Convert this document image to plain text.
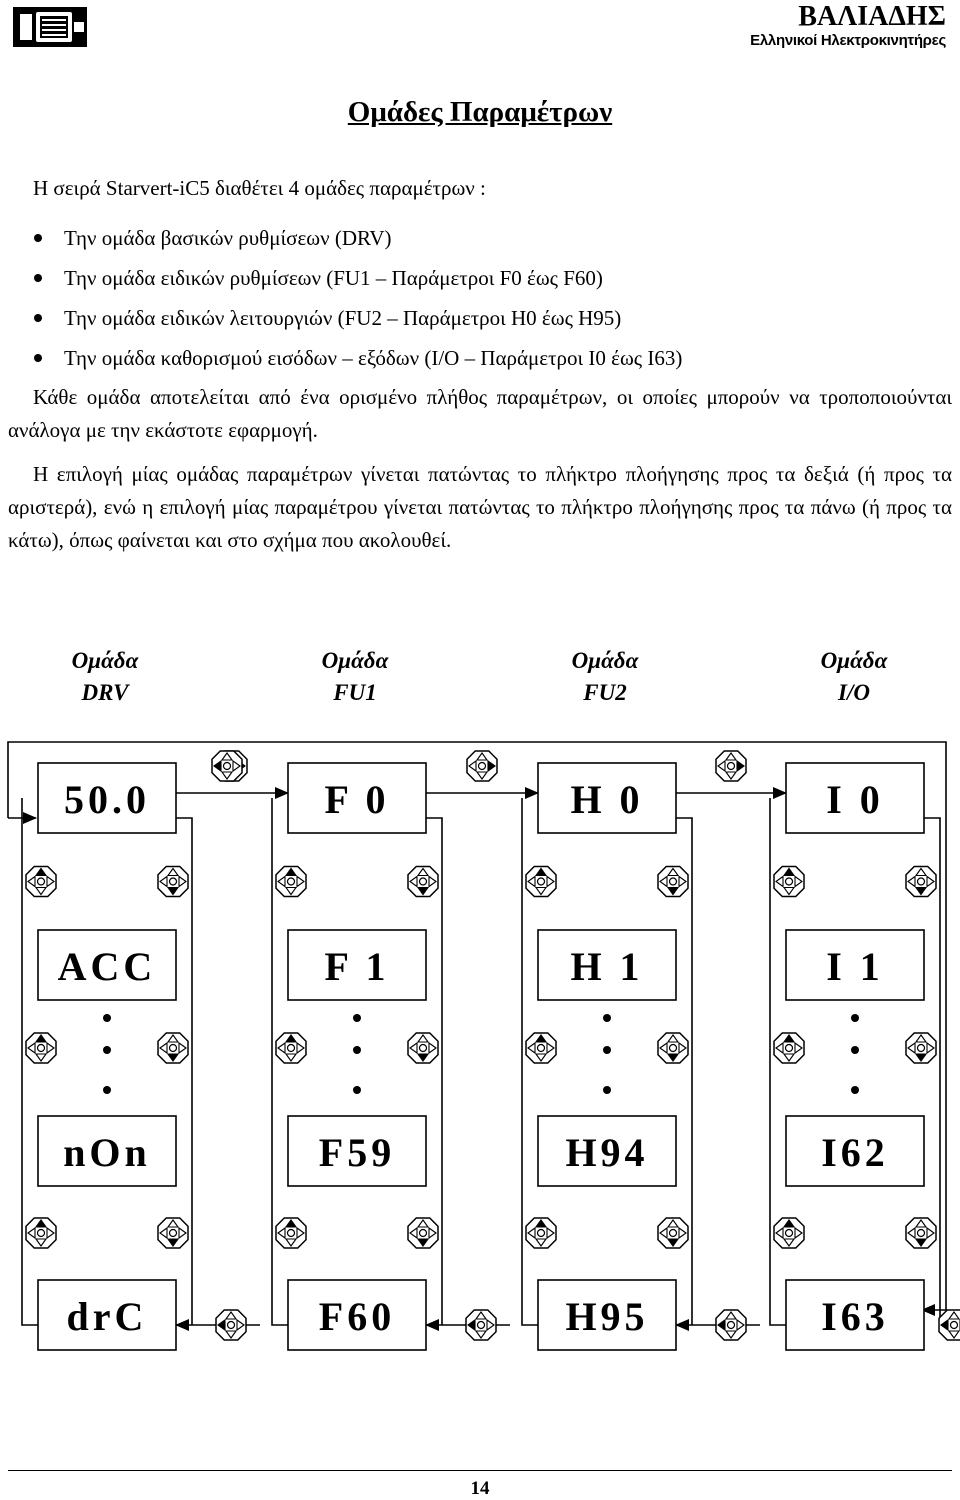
ΒΑΛΙΑΔΗΣ
Ελληνικοί Ηλεκτροκινητήρες
Ομάδες Παραμέτρων
Η σειρά Starvert-iC5 διαθέτει 4 ομάδες παραμέτρων :
Την ομάδα βασικών ρυθμίσεων (DRV)
Την ομάδα ειδικών ρυθμίσεων (FU1 – Παράμετροι F0 έως F60)
Την ομάδα ειδικών λειτουργιών (FU2 – Παράμετροι H0 έως H95)
Την ομάδα καθορισμού εισόδων – εξόδων (I/O – Παράμετροι I0 έως I63)

Κάθε ομάδα αποτελείται από ένα ορισμένο πλήθος παραμέτρων, οι οποίες μπορούν να τροποποιούνται ανάλογα με την εκάστοτε εφαρμογή.

Η επιλογή μίας ομάδας παραμέτρων γίνεται πατώντας το πλήκτρο πλοήγησης προς τα δεξιά (ή προς τα αριστερά), ενώ η επιλογή μίας παραμέτρου γίνεται πατώντας το πλήκτρο πλοήγησης προς τα πάνω (ή προς τα κάτω), όπως φαίνεται και στο σχήμα που ακολουθεί.

Ομάδα
DRV
Ομάδα
FU1
Ομάδα
FU2
Ομάδα
I/O
50.0
ACC
nOn
drC
F 0
F 1
F59
F60
H 0
H 1
H94
H95
I 0
I 1
I62
I63
14
